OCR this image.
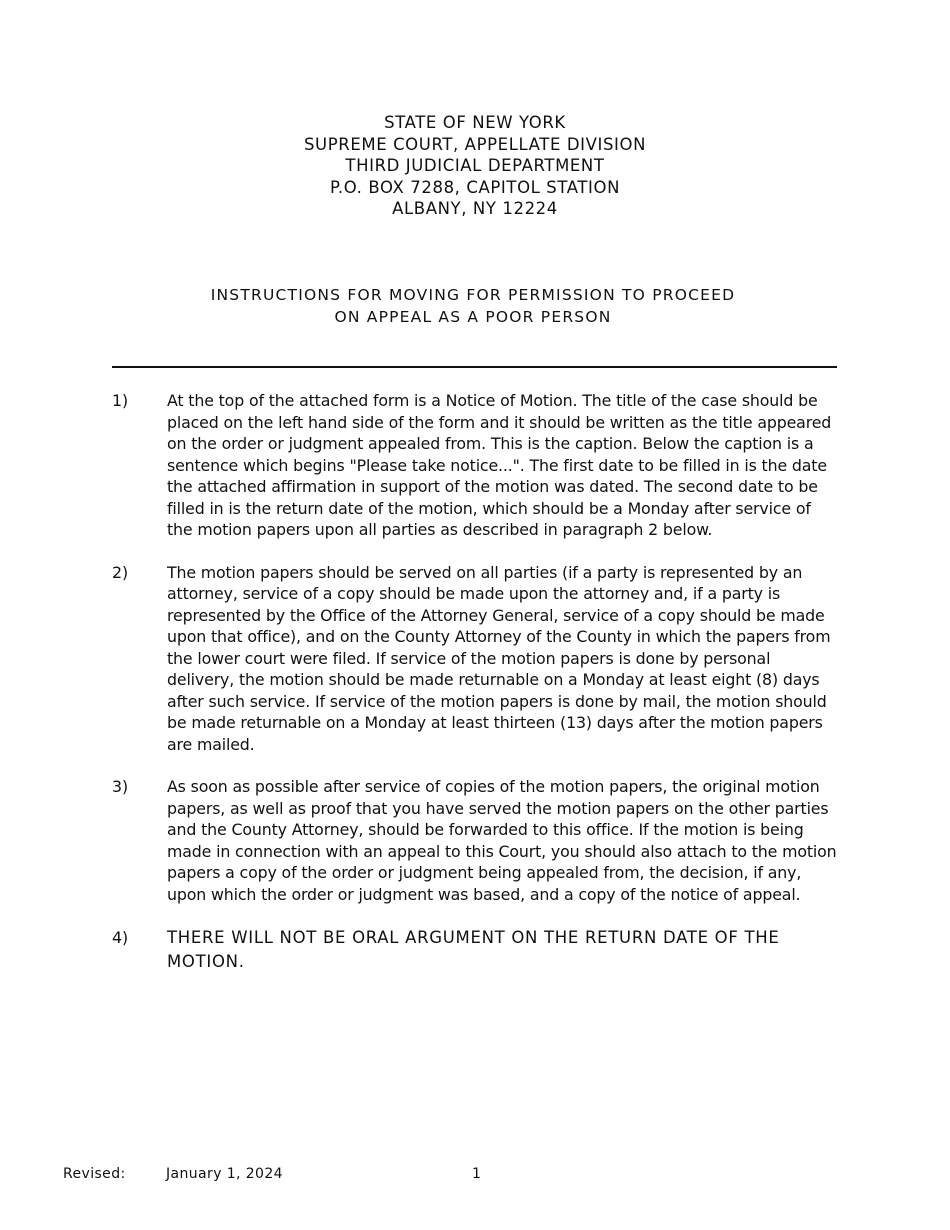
STATE OF NEW YORK
SUPREME COURT, APPELLATE DIVISION
THIRD JUDICIAL DEPARTMENT
P.O. BOX 7288, CAPITOL STATION
ALBANY, NY 12224
INSTRUCTIONS FOR MOVING FOR PERMISSION TO PROCEED
ON APPEAL AS A POOR PERSON
1) At the top of the attached form is a Notice of Motion. The title of the case should be placed on the left hand side of the form and it should be written as the title appeared on the order or judgment appealed from. This is the caption. Below the caption is a sentence which begins "Please take notice...". The first date to be filled in is the date the attached affirmation in support of the motion was dated. The second date to be filled in is the return date of the motion, which should be a Monday after service of the motion papers upon all parties as described in paragraph 2 below.
2) The motion papers should be served on all parties (if a party is represented by an attorney, service of a copy should be made upon the attorney and, if a party is represented by the Office of the Attorney General, service of a copy should be made upon that office), and on the County Attorney of the County in which the papers from the lower court were filed. If service of the motion papers is done by personal delivery, the motion should be made returnable on a Monday at least eight (8) days after such service. If service of the motion papers is done by mail, the motion should be made returnable on a Monday at least thirteen (13) days after the motion papers are mailed.
3) As soon as possible after service of copies of the motion papers, the original motion papers, as well as proof that you have served the motion papers on the other parties and the County Attorney, should be forwarded to this office. If the motion is being made in connection with an appeal to this Court, you should also attach to the motion papers a copy of the order or judgment being appealed from, the decision, if any, upon which the order or judgment was based, and a copy of the notice of appeal.
4) THERE WILL NOT BE ORAL ARGUMENT ON THE RETURN DATE OF THE MOTION.
Revised:	January 1, 2024	1
